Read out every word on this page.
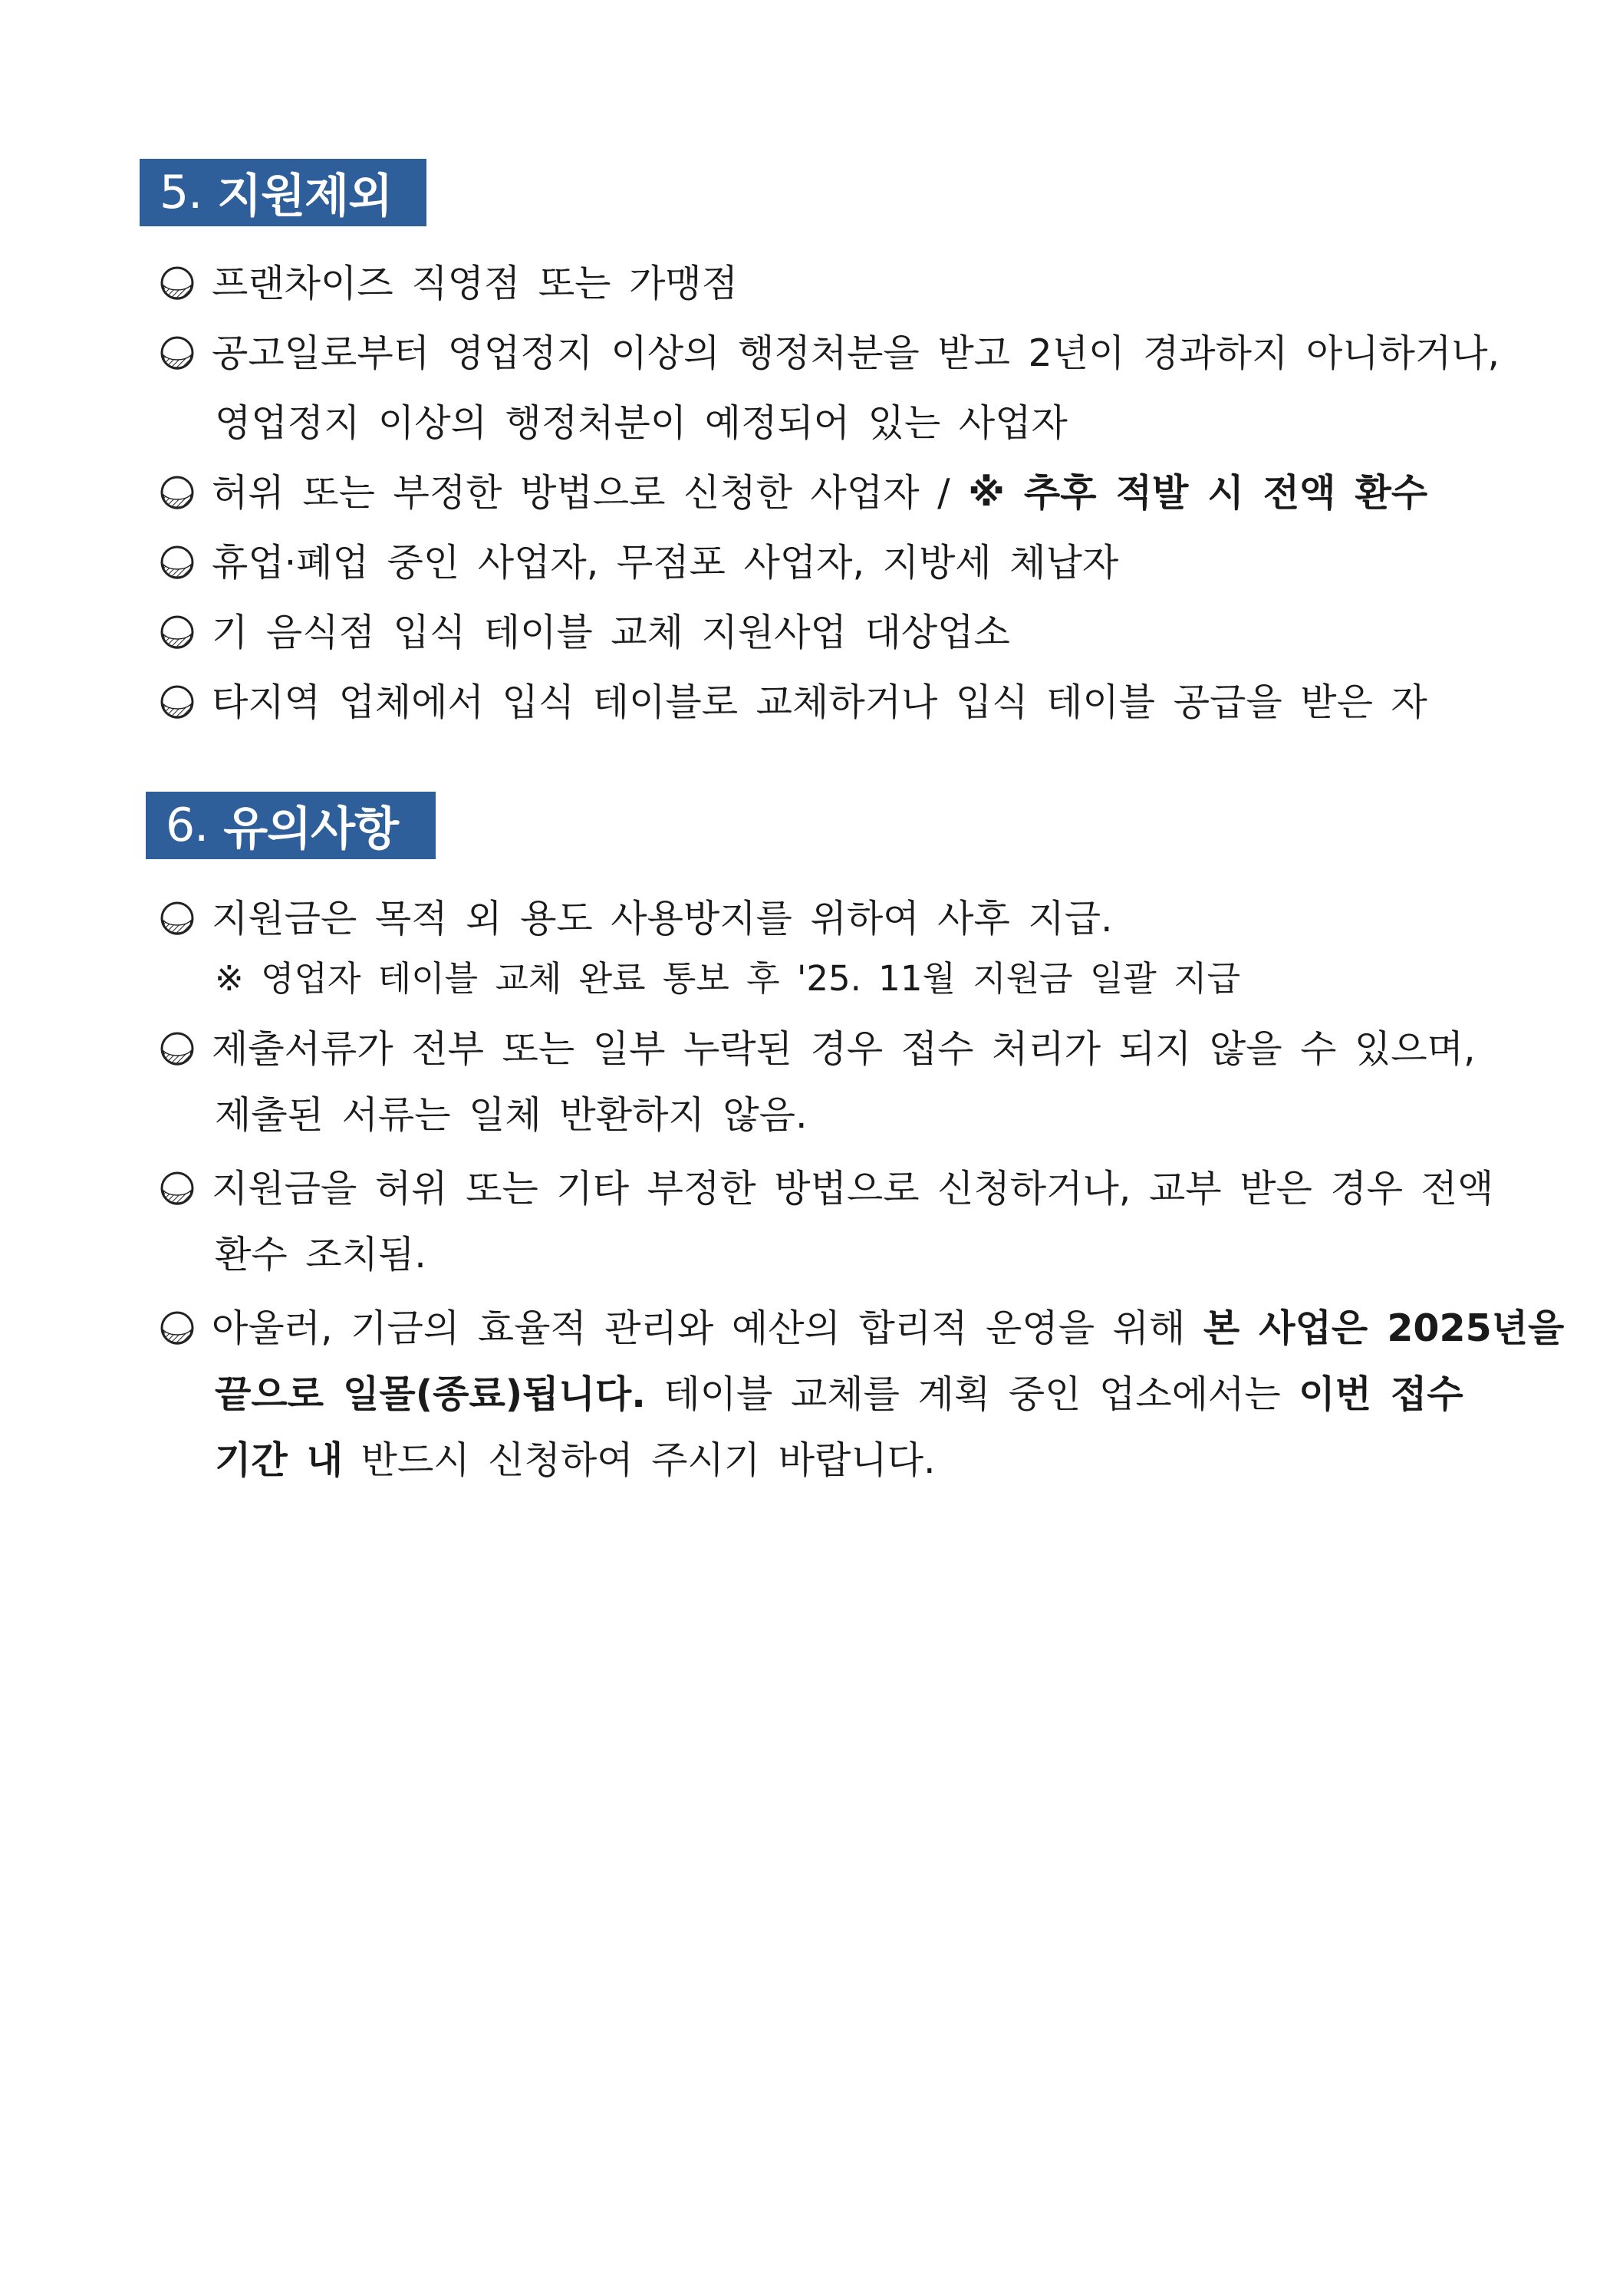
5. 지원제외
프랜차이즈 직영점 또는 가맹점
공고일로부터 영업정지 이상의 행정처분을 받고 2년이 경과하지 아니하거나,
영업정지 이상의 행정처분이 예정되어 있는 사업자
허위 또는 부정한 방법으로 신청한 사업자 / ※ 추후 적발 시 전액 환수
휴업·폐업 중인 사업자, 무점포 사업자, 지방세 체납자
기 음식점 입식 테이블 교체 지원사업 대상업소
타지역 업체에서 입식 테이블로 교체하거나 입식 테이블 공급을 받은 자
6. 유의사항
지원금은 목적 외 용도 사용방지를 위하여 사후 지급.
※ 영업자 테이블 교체 완료 통보 후 '25. 11월 지원금 일괄 지급
제출서류가 전부 또는 일부 누락된 경우 접수 처리가 되지 않을 수 있으며,
제출된 서류는 일체 반환하지 않음.
지원금을 허위 또는 기타 부정한 방법으로 신청하거나, 교부 받은 경우 전액
환수 조치됨.
아울러, 기금의 효율적 관리와 예산의 합리적 운영을 위해 본 사업은 2025년을
끝으로 일몰(종료)됩니다. 테이블 교체를 계획 중인 업소에서는 이번 접수
기간 내 반드시 신청하여 주시기 바랍니다.
